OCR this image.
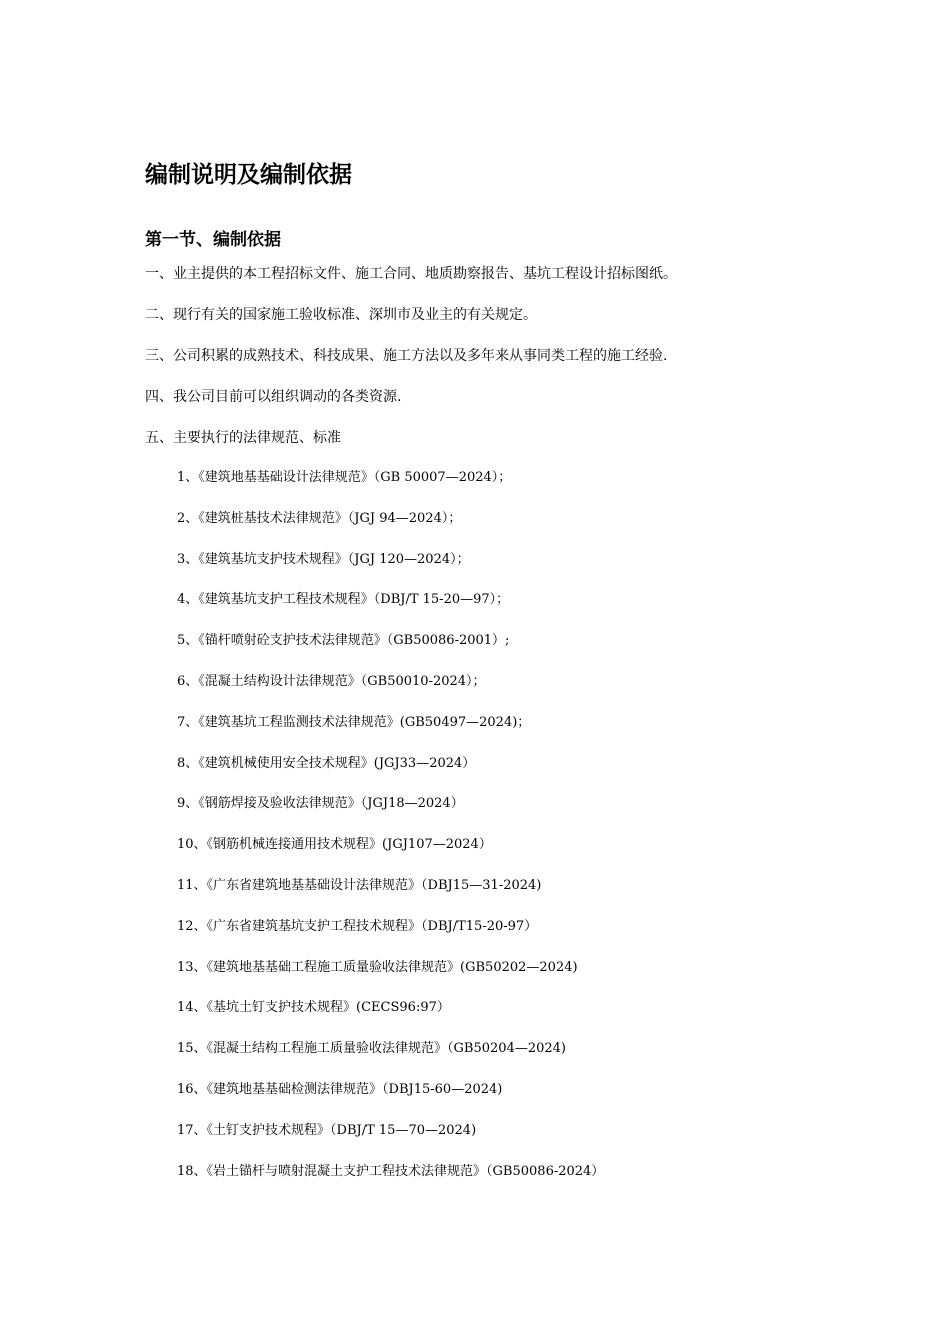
编制说明及编制依据
第一节、编制依据
一、业主提供的本工程招标文件、施工合同、地质勘察报告、基坑工程设计招标图纸。
二、现行有关的国家施工验收标准、深圳市及业主的有关规定。
三、公司积累的成熟技术、科技成果、施工方法以及多年来从事同类工程的施工经验.
四、我公司目前可以组织调动的各类资源.
五、主要执行的法律规范、标准
1、《建筑地基基础设计法律规范》（GB 50007—2024）；
2、《建筑桩基技术法律规范》（JGJ 94—2024）；
3、《建筑基坑支护技术规程》（JGJ 120—2024）；
4、《建筑基坑支护工程技术规程》（DBJ/T 15-20—97）；
5、《锚杆喷射砼支护技术法律规范》（GB50086-2001）;
6、《混凝土结构设计法律规范》（GB50010-2024）；
7、《建筑基坑工程监测技术法律规范》(GB50497—2024)；
8、《建筑机械使用安全技术规程》(JGJ33—2024）
9、《钢筋焊接及验收法律规范》（JGJ18—2024）
10、《钢筋机械连接通用技术规程》(JGJ107—2024）
11、《广东省建筑地基基础设计法律规范》（DBJ15—31-2024)
12、《广东省建筑基坑支护工程技术规程》（DBJ/T15-20-97）
13、《建筑地基基础工程施工质量验收法律规范》(GB50202—2024)
14、《基坑土钉支护技术规程》(CECS96:97）
15、《混凝土结构工程施工质量验收法律规范》（GB50204—2024)
16、《建筑地基基础检测法律规范》（DBJ15-60—2024)
17、《土钉支护技术规程》（DBJ/T 15—70—2024)
18、《岩土锚杆与喷射混凝土支护工程技术法律规范》（GB50086-2024）
